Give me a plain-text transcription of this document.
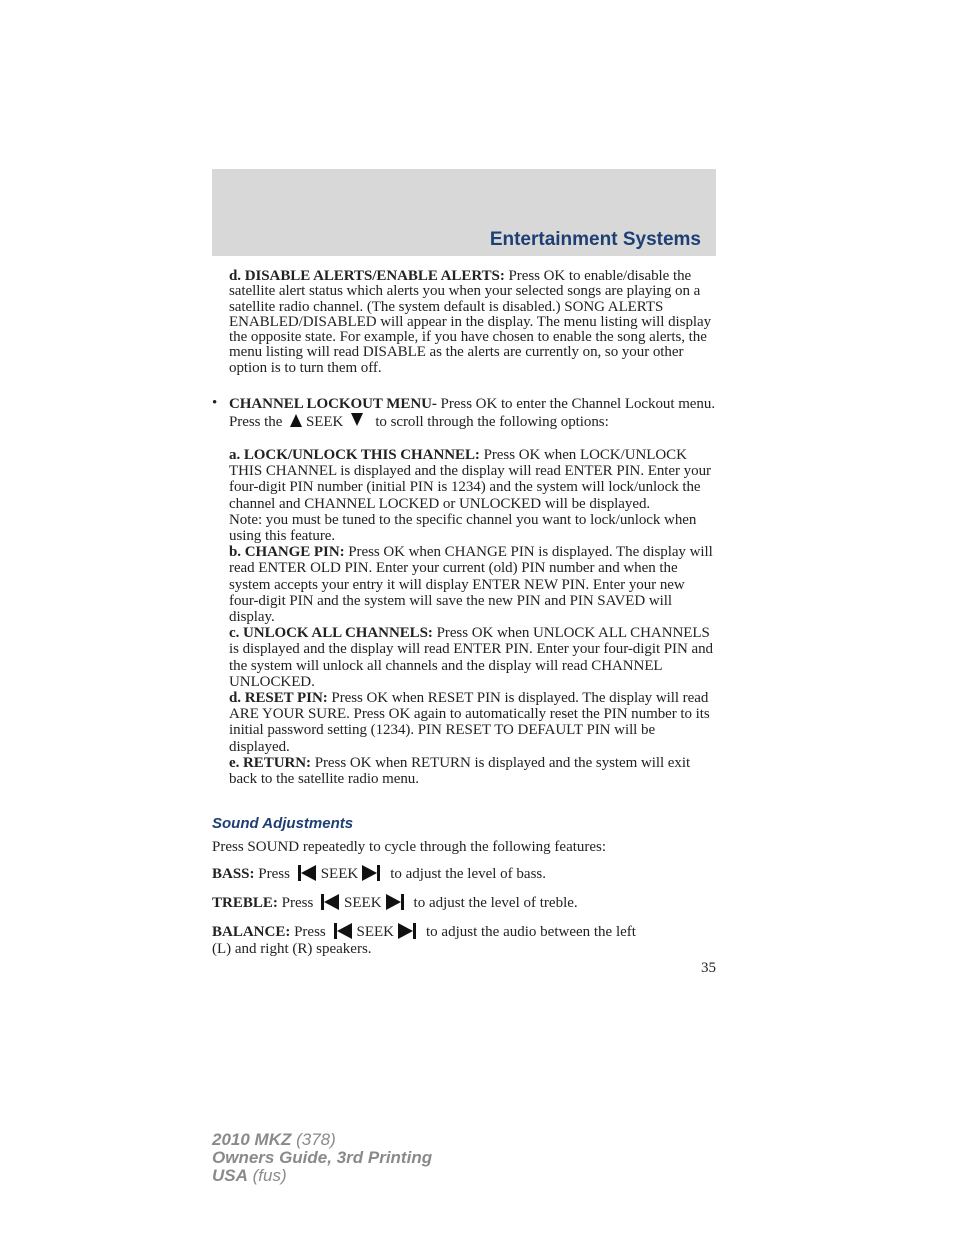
Entertainment Systems
d. DISABLE ALERTS/ENABLE ALERTS: Press OK to enable/disable the satellite alert status which alerts you when your selected songs are playing on a satellite radio channel. (The system default is disabled.) SONG ALERTS ENABLED/DISABLED will appear in the display. The menu listing will display the opposite state. For example, if you have chosen to enable the song alerts, the menu listing will read DISABLE as the alerts are currently on, so your other option is to turn them off.
• CHANNEL LOCKOUT MENU- Press OK to enter the Channel Lockout menu. Press the SEEK to scroll through the following options:

a. LOCK/UNLOCK THIS CHANNEL: Press OK when LOCK/UNLOCK THIS CHANNEL is displayed and the display will read ENTER PIN. Enter your four-digit PIN number (initial PIN is 1234) and the system will lock/unlock the channel and CHANNEL LOCKED or UNLOCKED will be displayed.

Note: you must be tuned to the specific channel you want to lock/unlock when using this feature.

b. CHANGE PIN: Press OK when CHANGE PIN is displayed. The display will read ENTER OLD PIN. Enter your current (old) PIN number and when the system accepts your entry it will display ENTER NEW PIN. Enter your new four-digit PIN and the system will save the new PIN and PIN SAVED will display.

c. UNLOCK ALL CHANNELS: Press OK when UNLOCK ALL CHANNELS is displayed and the display will read ENTER PIN. Enter your four-digit PIN and the system will unlock all channels and the display will read CHANNEL UNLOCKED.

d. RESET PIN: Press OK when RESET PIN is displayed. The display will read ARE YOUR SURE. Press OK again to automatically reset the PIN number to its initial password setting (1234). PIN RESET TO DEFAULT PIN will be displayed.

e. RETURN: Press OK when RETURN is displayed and the system will exit back to the satellite radio menu.

Sound Adjustments
Press SOUND repeatedly to cycle through the following features:
BASS: Press SEEK to adjust the level of bass.
TREBLE: Press SEEK to adjust the level of treble.
BALANCE: Press SEEK to adjust the audio between the left
(L) and right (R) speakers.
35
2010 MKZ (378)
Owners Guide, 3rd Printing
USA (fus)
